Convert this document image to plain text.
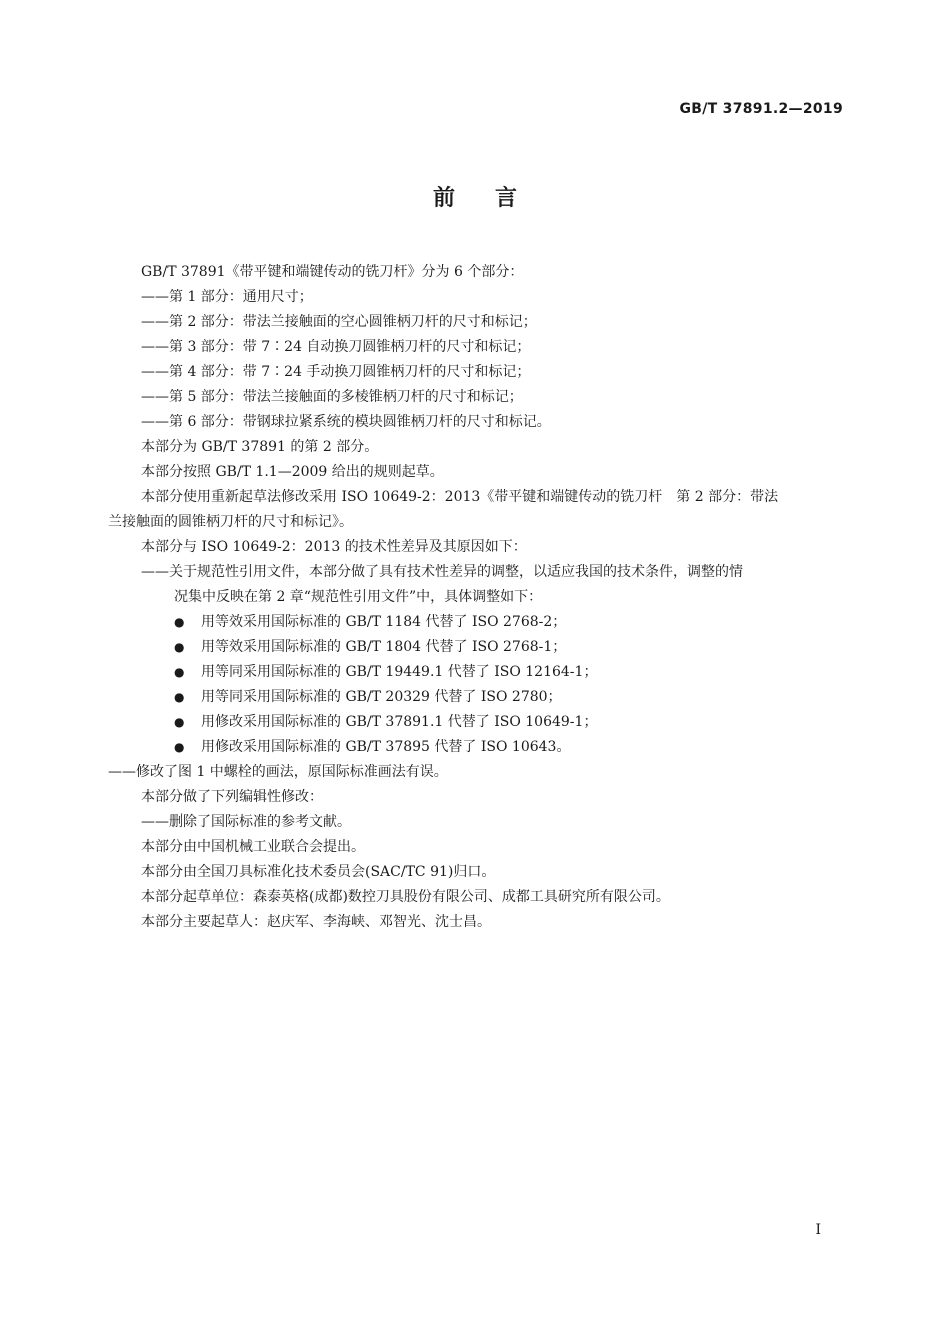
GB/T 37891.2—2019
前言
GB/T 37891《带平键和端键传动的铣刀杆》分为 6 个部分：
——第 1 部分：通用尺寸；
——第 2 部分：带法兰接触面的空心圆锥柄刀杆的尺寸和标记；
——第 3 部分：带 7∶24 自动换刀圆锥柄刀杆的尺寸和标记；
——第 4 部分：带 7∶24 手动换刀圆锥柄刀杆的尺寸和标记；
——第 5 部分：带法兰接触面的多棱锥柄刀杆的尺寸和标记；
——第 6 部分：带钢球拉紧系统的模块圆锥柄刀杆的尺寸和标记。
本部分为 GB/T 37891 的第 2 部分。
本部分按照 GB/T 1.1—2009 给出的规则起草。
本部分使用重新起草法修改采用 ISO 10649-2：2013《带平键和端键传动的铣刀杆　第 2 部分：带法
兰接触面的圆锥柄刀杆的尺寸和标记》。
本部分与 ISO 10649-2：2013 的技术性差异及其原因如下：
——关于规范性引用文件，本部分做了具有技术性差异的调整，以适应我国的技术条件，调整的情
况集中反映在第 2 章“规范性引用文件”中，具体调整如下：
● 用等效采用国际标准的 GB/T 1184 代替了 ISO 2768-2；
● 用等效采用国际标准的 GB/T 1804 代替了 ISO 2768-1；
● 用等同采用国际标准的 GB/T 19449.1 代替了 ISO 12164-1；
● 用等同采用国际标准的 GB/T 20329 代替了 ISO 2780；
● 用修改采用国际标准的 GB/T 37891.1 代替了 ISO 10649-1；
● 用修改采用国际标准的 GB/T 37895 代替了 ISO 10643。
——修改了图 1 中螺栓的画法，原国际标准画法有误。
本部分做了下列编辑性修改：
——删除了国际标准的参考文献。
本部分由中国机械工业联合会提出。
本部分由全国刀具标准化技术委员会(SAC/TC 91)归口。
本部分起草单位：森泰英格(成都)数控刀具股份有限公司、成都工具研究所有限公司。
本部分主要起草人：赵庆军、李海峡、邓智光、沈士昌。
I
